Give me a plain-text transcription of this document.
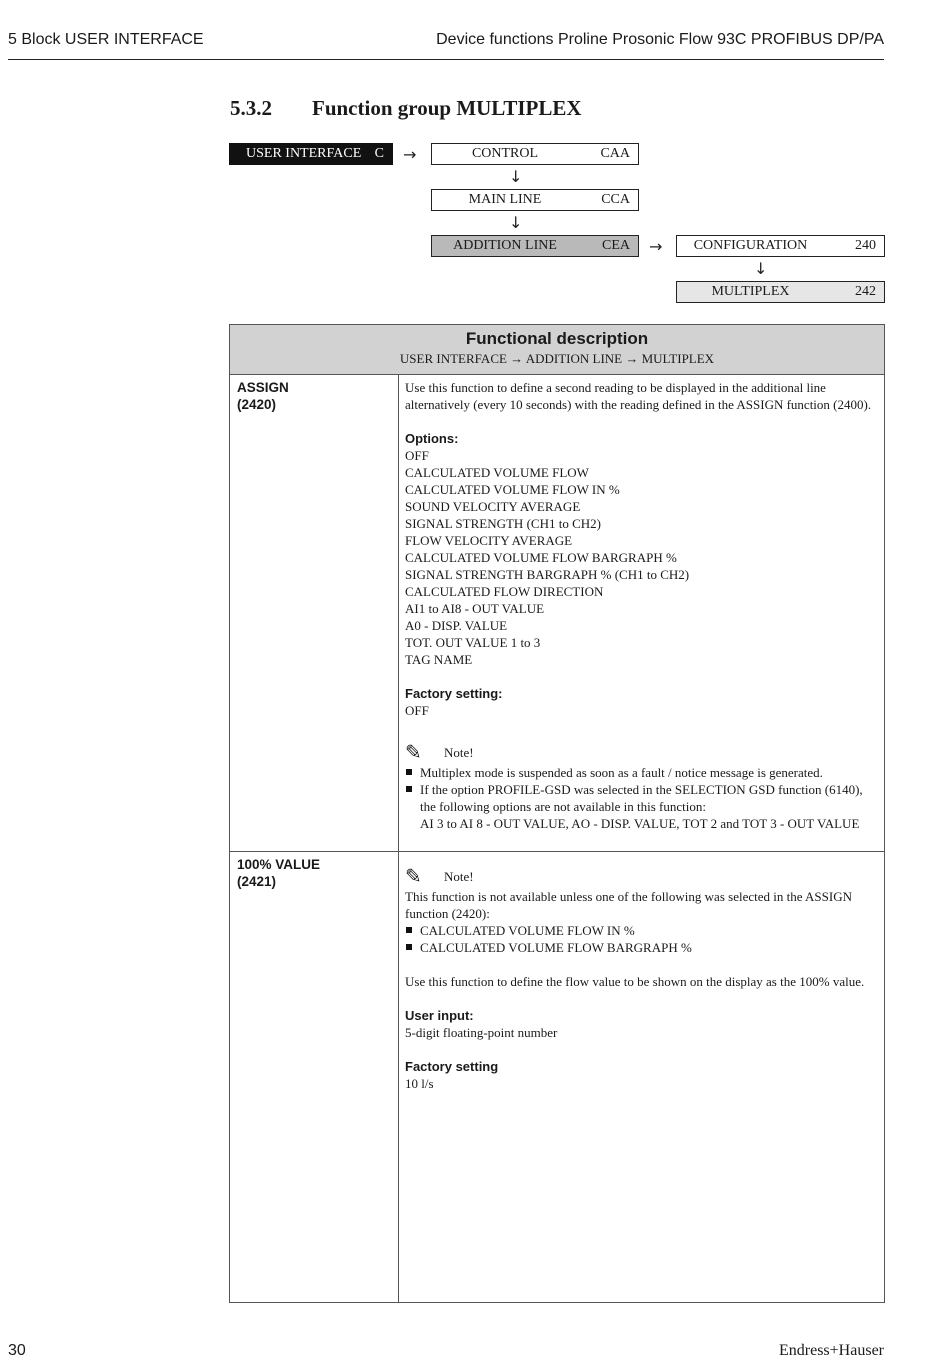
5 Block USER INTERFACE	Device functions Proline Prosonic Flow 93C PROFIBUS DP/PA
5.3.2 Function group MULTIPLEX
USER INTERFACE C →	CONTROL	CAA
↓
MAIN LINE	CCA
↓
ADDITION LINE	CEA →	CONFIGURATION	240
↓
MULTIPLEX	242
Functional description
USER INTERFACE → ADDITION LINE → MULTIPLEX
ASSIGN
(2420)

Use this function to define a second reading to be displayed in the additional line alternatively (every 10 seconds) with the reading defined in the ASSIGN function (2400).

Options:

OFF

CALCULATED VOLUME FLOW

CALCULATED VOLUME FLOW IN %

SOUND VELOCITY AVERAGE

SIGNAL STRENGTH (CH1 to CH2)

FLOW VELOCITY AVERAGE

CALCULATED VOLUME FLOW BARGRAPH %

SIGNAL STRENGTH BARGRAPH % (CH1 to CH2)

CALCULATED FLOW DIRECTION

AI1 to AI8 - OUT VALUE

A0 - DISP. VALUE

TOT. OUT VALUE 1 to 3

TAG NAME

Factory setting:

OFF

✎ Note!
Multiplex mode is suspended as soon as a fault / notice message is generated.
If the option PROFILE-GSD was selected in the SELECTION GSD function (6140), the following options are not available in this function:
AI 3 to AI 8 - OUT VALUE, AO - DISP. VALUE, TOT 2 and TOT 3 - OUT VALUE
100% VALUE
(2421)	✎ Note!

This function is not available unless one of the following was selected in the ASSIGN function (2420):

CALCULATED VOLUME FLOW IN %
CALCULATED VOLUME FLOW BARGRAPH %

Use this function to define the flow value to be shown on the display as the 100% value.

User input:

5-digit floating-point number

Factory setting

10 l/s

30	Endress+Hauser
